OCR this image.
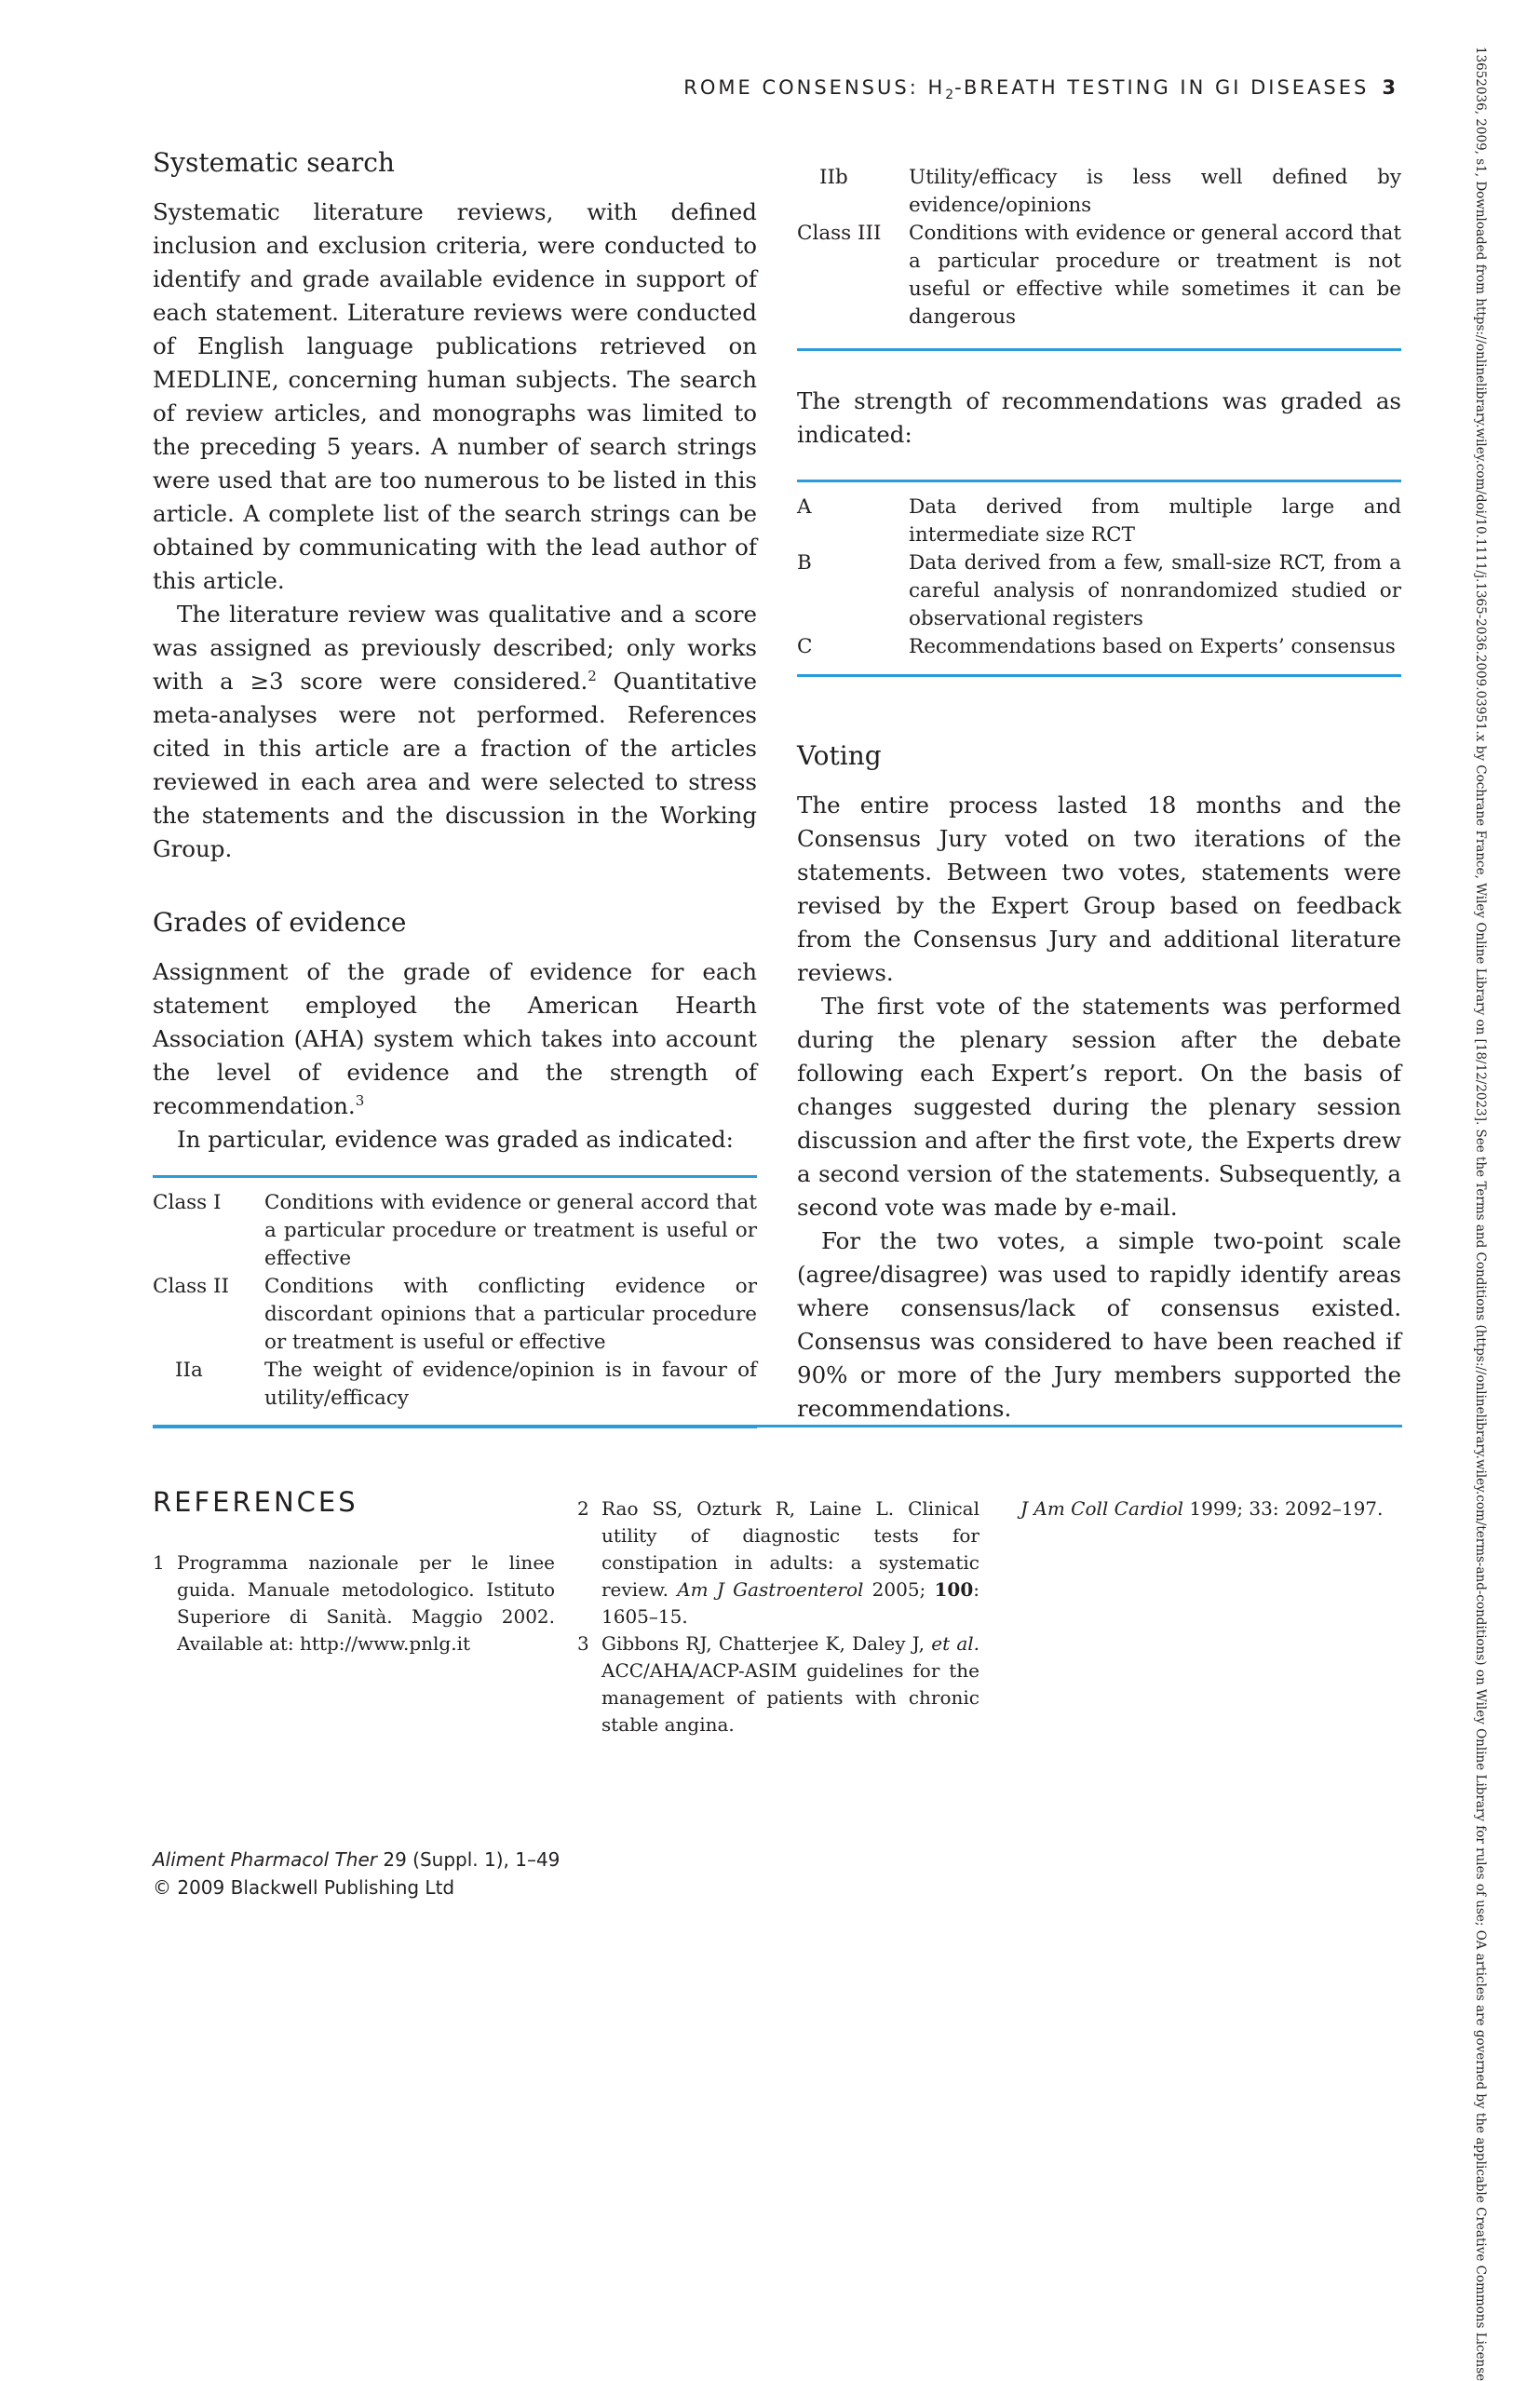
ROME CONSENSUS: $H_2$-BREATH TESTING IN GI DISEASES 3
Systematic search

Systematic literature reviews, with defined inclusion and exclusion criteria, were conducted to identify and grade available evidence in support of each statement. Literature reviews were conducted of English language publications retrieved on MEDLINE, concerning human subjects. The search of review articles, and monographs was limited to the preceding 5 years. A number of search strings were used that are too numerous to be listed in this article. A complete list of the search strings can be obtained by communicating with the lead author of this article.

The literature review was qualitative and a score was assigned as previously described; only works with a ≥3 score were considered.$^2$ Quantitative meta-analyses were not performed. References cited in this article are a fraction of the articles reviewed in each area and were selected to stress the statements and the discussion in the Working Group.

Grades of evidence

Assignment of the grade of evidence for each statement employed the American Hearth Association (AHA) system which takes into account the level of evidence and the strength of recommendation.$^3$

In particular, evidence was graded as indicated:

Class I	Conditions with evidence or general accord that a particular procedure or treatment is useful or effective
Class II	Conditions with conflicting evidence or discordant opinions that a particular procedure or treatment is useful or effective
IIa	The weight of evidence/opinion is in favour of utility/efficacy
IIb	Utility/efficacy is less well defined by evidence/opinions
Class III	Conditions with evidence or general accord that a particular procedure or treatment is not useful or effective while sometimes it can be dangerous

The strength of recommendations was graded as indicated:

A	Data derived from multiple large and intermediate size RCT
B	Data derived from a few, small-size RCT, from a careful analysis of nonrandomized studied or observational registers
C	Recommendations based on Experts’ consensus
Voting

The entire process lasted 18 months and the Consensus Jury voted on two iterations of the statements. Between two votes, statements were revised by the Expert Group based on feedback from the Consensus Jury and additional literature reviews.

The first vote of the statements was performed during the plenary session after the debate following each Expert’s report. On the basis of changes suggested during the plenary session discussion and after the first vote, the Experts drew a second version of the statements. Subsequently, a second vote was made by e-mail.

For the two votes, a simple two-point scale (agree/disagree) was used to rapidly identify areas where consensus/lack of consensus existed. Consensus was considered to have been reached if 90% or more of the Jury members supported the recommendations.

REFERENCES
1 Programma nazionale per le linee guida. Manuale metodologico. Istituto Superiore di Sanità. Maggio 2002. Available at: http://www.pnlg.it
2 Rao SS, Ozturk R, Laine L. Clinical utility of diagnostic tests for constipation in adults: a systematic review. Am J Gastroenterol 2005; 100: 1605–15.
3 Gibbons RJ, Chatterjee K, Daley J, et al. ACC/AHA/ACP-ASIM guidelines for the management of patients with chronic stable angina.
J Am Coll Cardiol 1999; 33: 2092–197.
Aliment Pharmacol Ther 29 (Suppl. 1), 1–49
© 2009 Blackwell Publishing Ltd	13652036, 2009, s1, Downloaded from https://onlinelibrary.wiley.com/doi/10.1111/j.1365-2036.2009.03951.x by Cochrane France, Wiley Online Library on [18/12/2023]. See the Terms and Conditions (https://onlinelibrary.wiley.com/terms-and-conditions) on Wiley Online Library for rules of use; OA articles are governed by the applicable Creative Commons License
